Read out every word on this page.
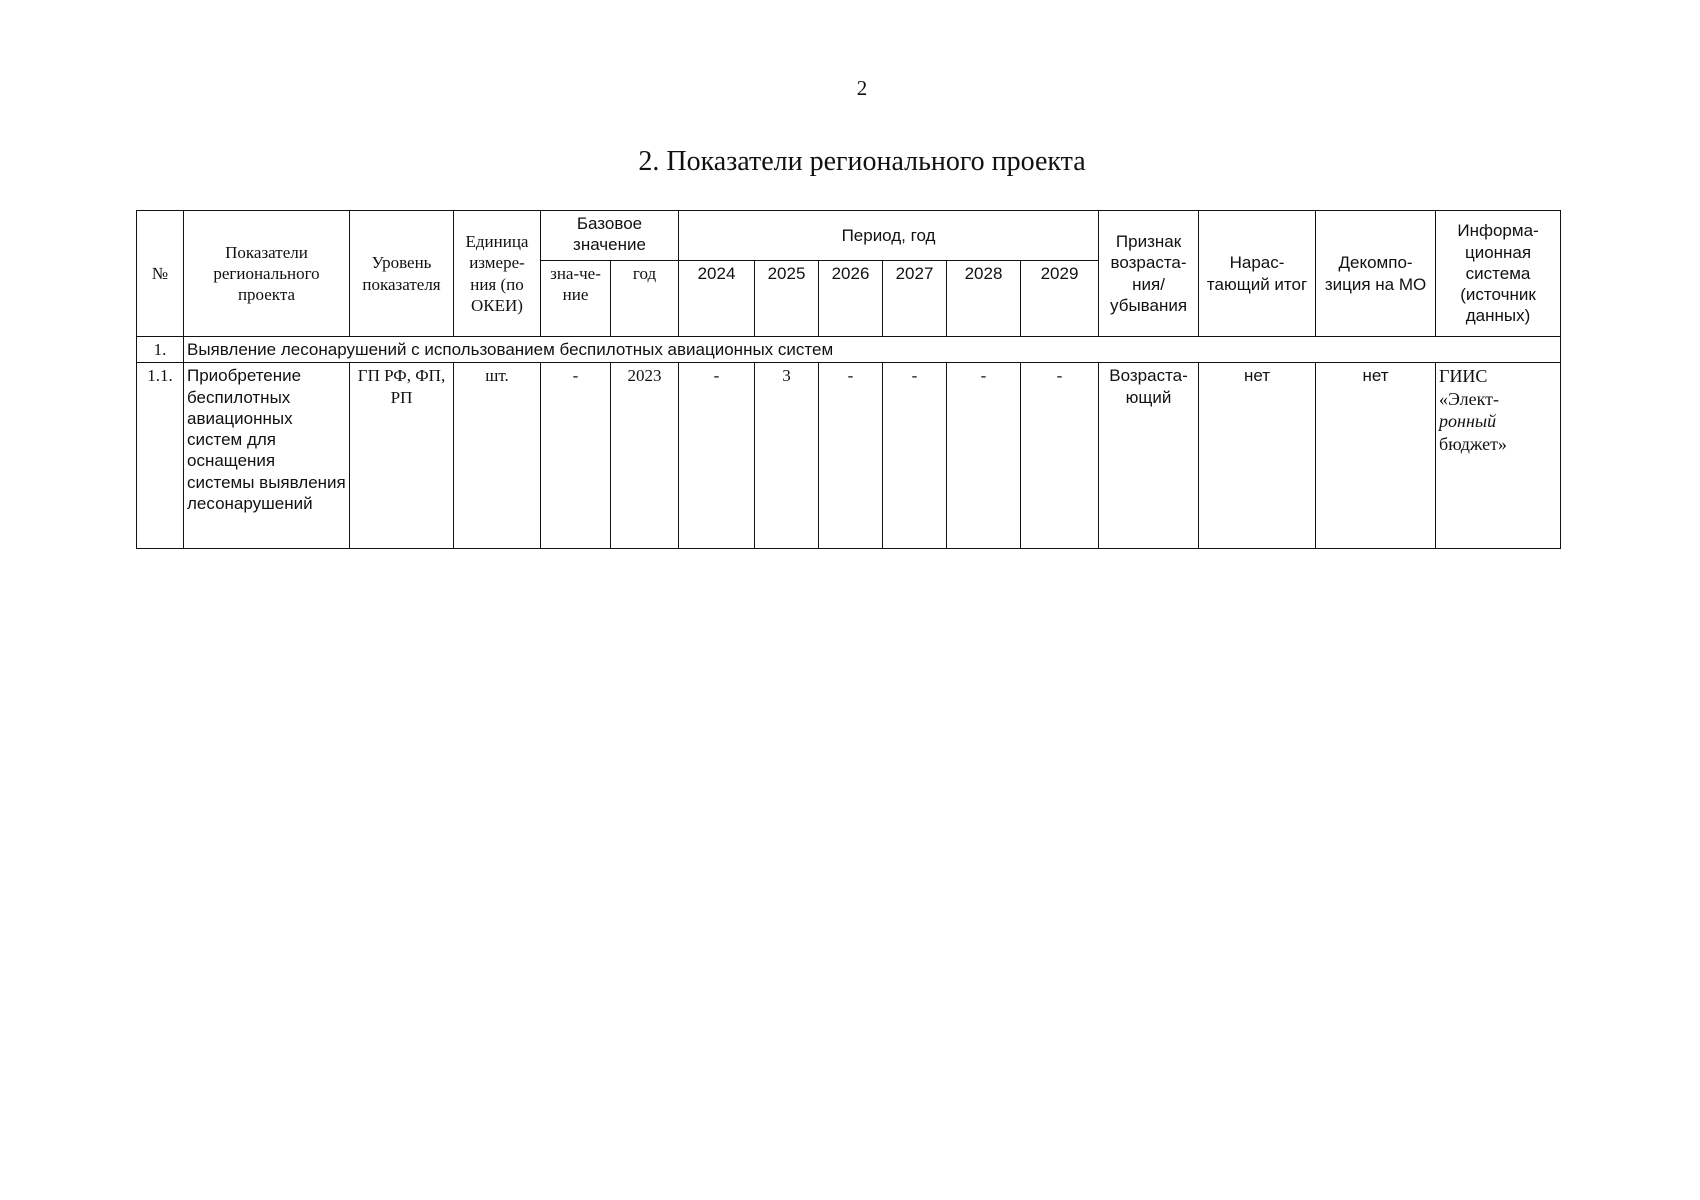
2
2. Показатели регионального проекта
№	Показатели регионального проекта	Уровень показателя	Единица измере-ния (по ОКЕИ)	Базовое значение		Период, год						Признак возраста-ния/ убывания	Нарас-тающий итог	Декомпо-зиция на МО	Информа-ционная система (источник данных)
				зна-че-ние	год	2024	2025	2026	2027	2028	2029				
1.	Выявление лесонарушений с использованием беспилотных авиационных систем														
1.1.	Приобретение беспилотных авиационных систем для оснащения системы выявления лесонарушений	ГП РФ, ФП, РП	шт.	-	2023	-	3	-	-	-	-	Возраста-ющий	нет	нет	ГИИС
«Элект-
ронный
бюджет»
